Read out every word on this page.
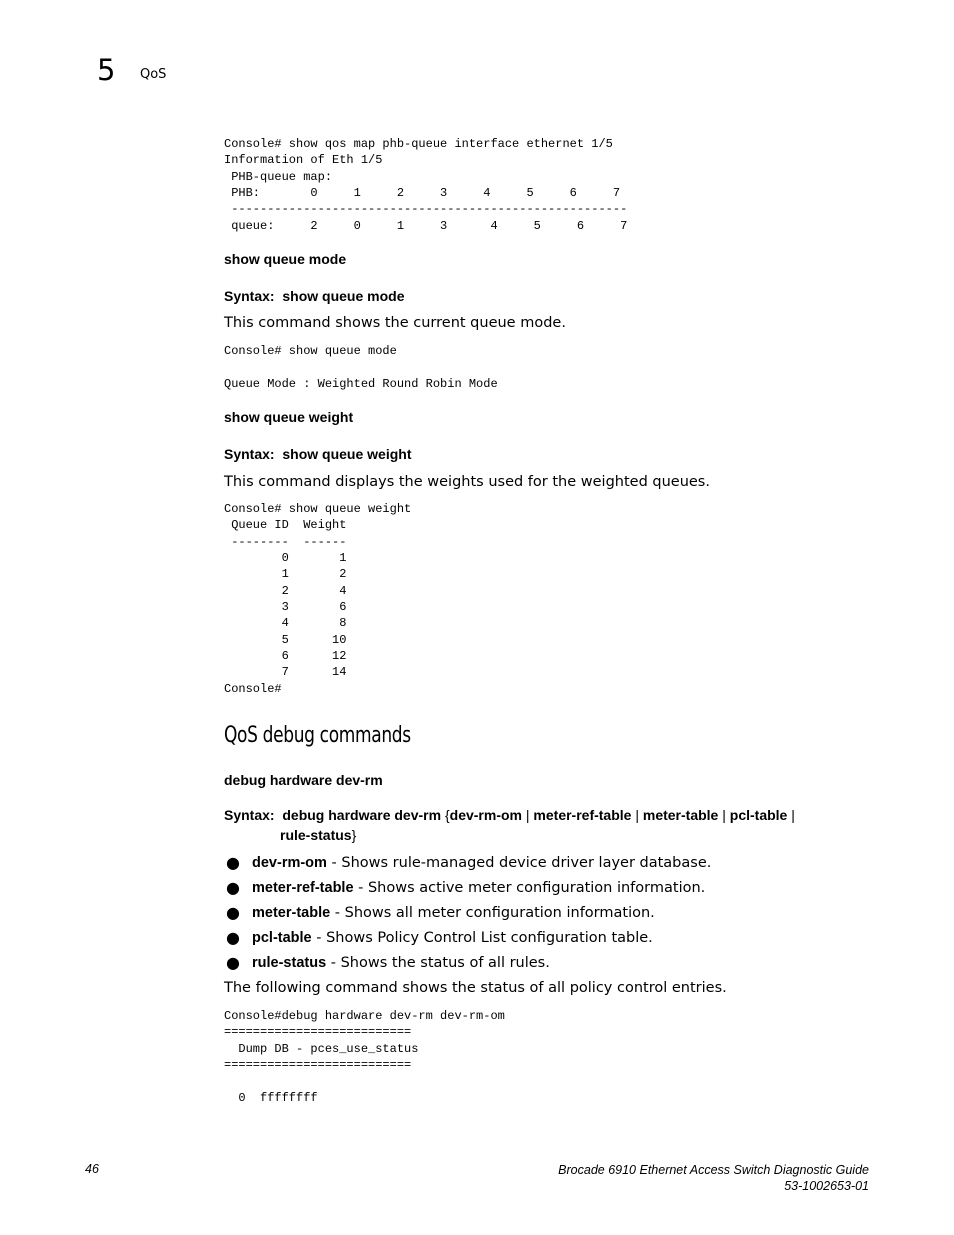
5 QoS
Console# show qos map phb-queue interface ethernet 1/5
Information of Eth 1/5
PHB-queue map:
PHB:       0     1     2     3     4     5     6     7
-------------------------------------------------------
queue:     2     0     1     3      4     5     6     7
show queue mode
Syntax: show queue mode
This command shows the current queue mode.
Console# show queue mode

Queue Mode : Weighted Round Robin Mode
show queue weight
Syntax: show queue weight
This command displays the weights used for the weighted queues.
Console# show queue weight
Queue ID  Weight
--------  ------
0       1
1       2
2       4
3       6
4       8
5      10
6      12
7      14
Console#
QoS debug commands
debug hardware dev-rm
Syntax: debug hardware dev-rm {dev-rm-om | meter-ref-table | meter-table | pcl-table |
rule-status}
● dev-rm-om - Shows rule-managed device driver layer database.
● meter-ref-table - Shows active meter configuration information.
● meter-table - Shows all meter configuration information.
● pcl-table - Shows Policy Control List configuration table.
● rule-status - Shows the status of all rules.
The following command shows the status of all policy control entries.
Console#debug hardware dev-rm dev-rm-om
==========================
Dump DB - pces_use_status
==========================

0  ffffffff
46	Brocade 6910 Ethernet Access Switch Diagnostic Guide
53-1002653-01
